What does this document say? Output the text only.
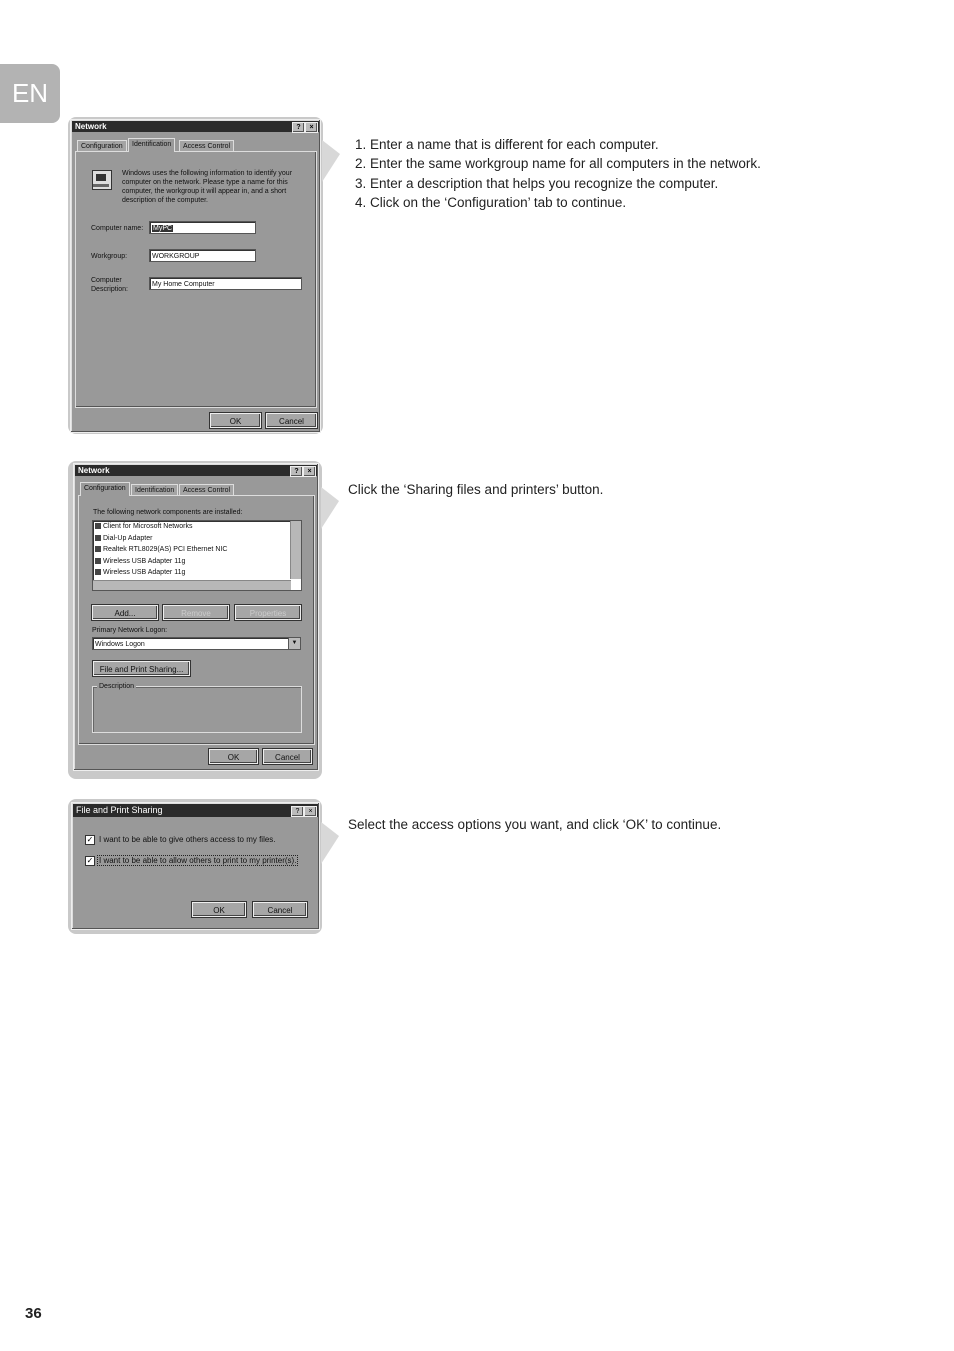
EN
36
Network	?	×
Configuration	Identification	Access Control
Windows uses the following information to identify your computer on the network. Please type a name for this computer, the workgroup it will appear in, and a short description of the computer.
Computer name:	MyPC
Workgroup:	WORKGROUP
Computer Description:
My Home Computer
OK	Cancel
1. Enter a name that is different for each computer.
2. Enter the same workgroup name for all computers in the network.
3. Enter a description that helps you recognize the computer.
4. Click on the ‘Configuration’ tab to continue.
Network	?	×
Configuration	Identification	Access Control
The following network components are installed:
Client for Microsoft Networks
Dial-Up Adapter
Realtek RTL8029(AS) PCI Ethernet NIC
Wireless USB Adapter 11g
Wireless USB Adapter 11g
Add...	Remove	Properties
Primary Network Logon:
Windows Logon	▼
File and Print Sharing...
Description
OK	Cancel
Click the ‘Sharing files and printers’ button.
File and Print Sharing	?	×
✓ I want to be able to give others access to my files.
✓ I want to be able to allow others to print to my printer(s).
OK	Cancel
Select the access options you want, and click ‘OK’ to continue.
